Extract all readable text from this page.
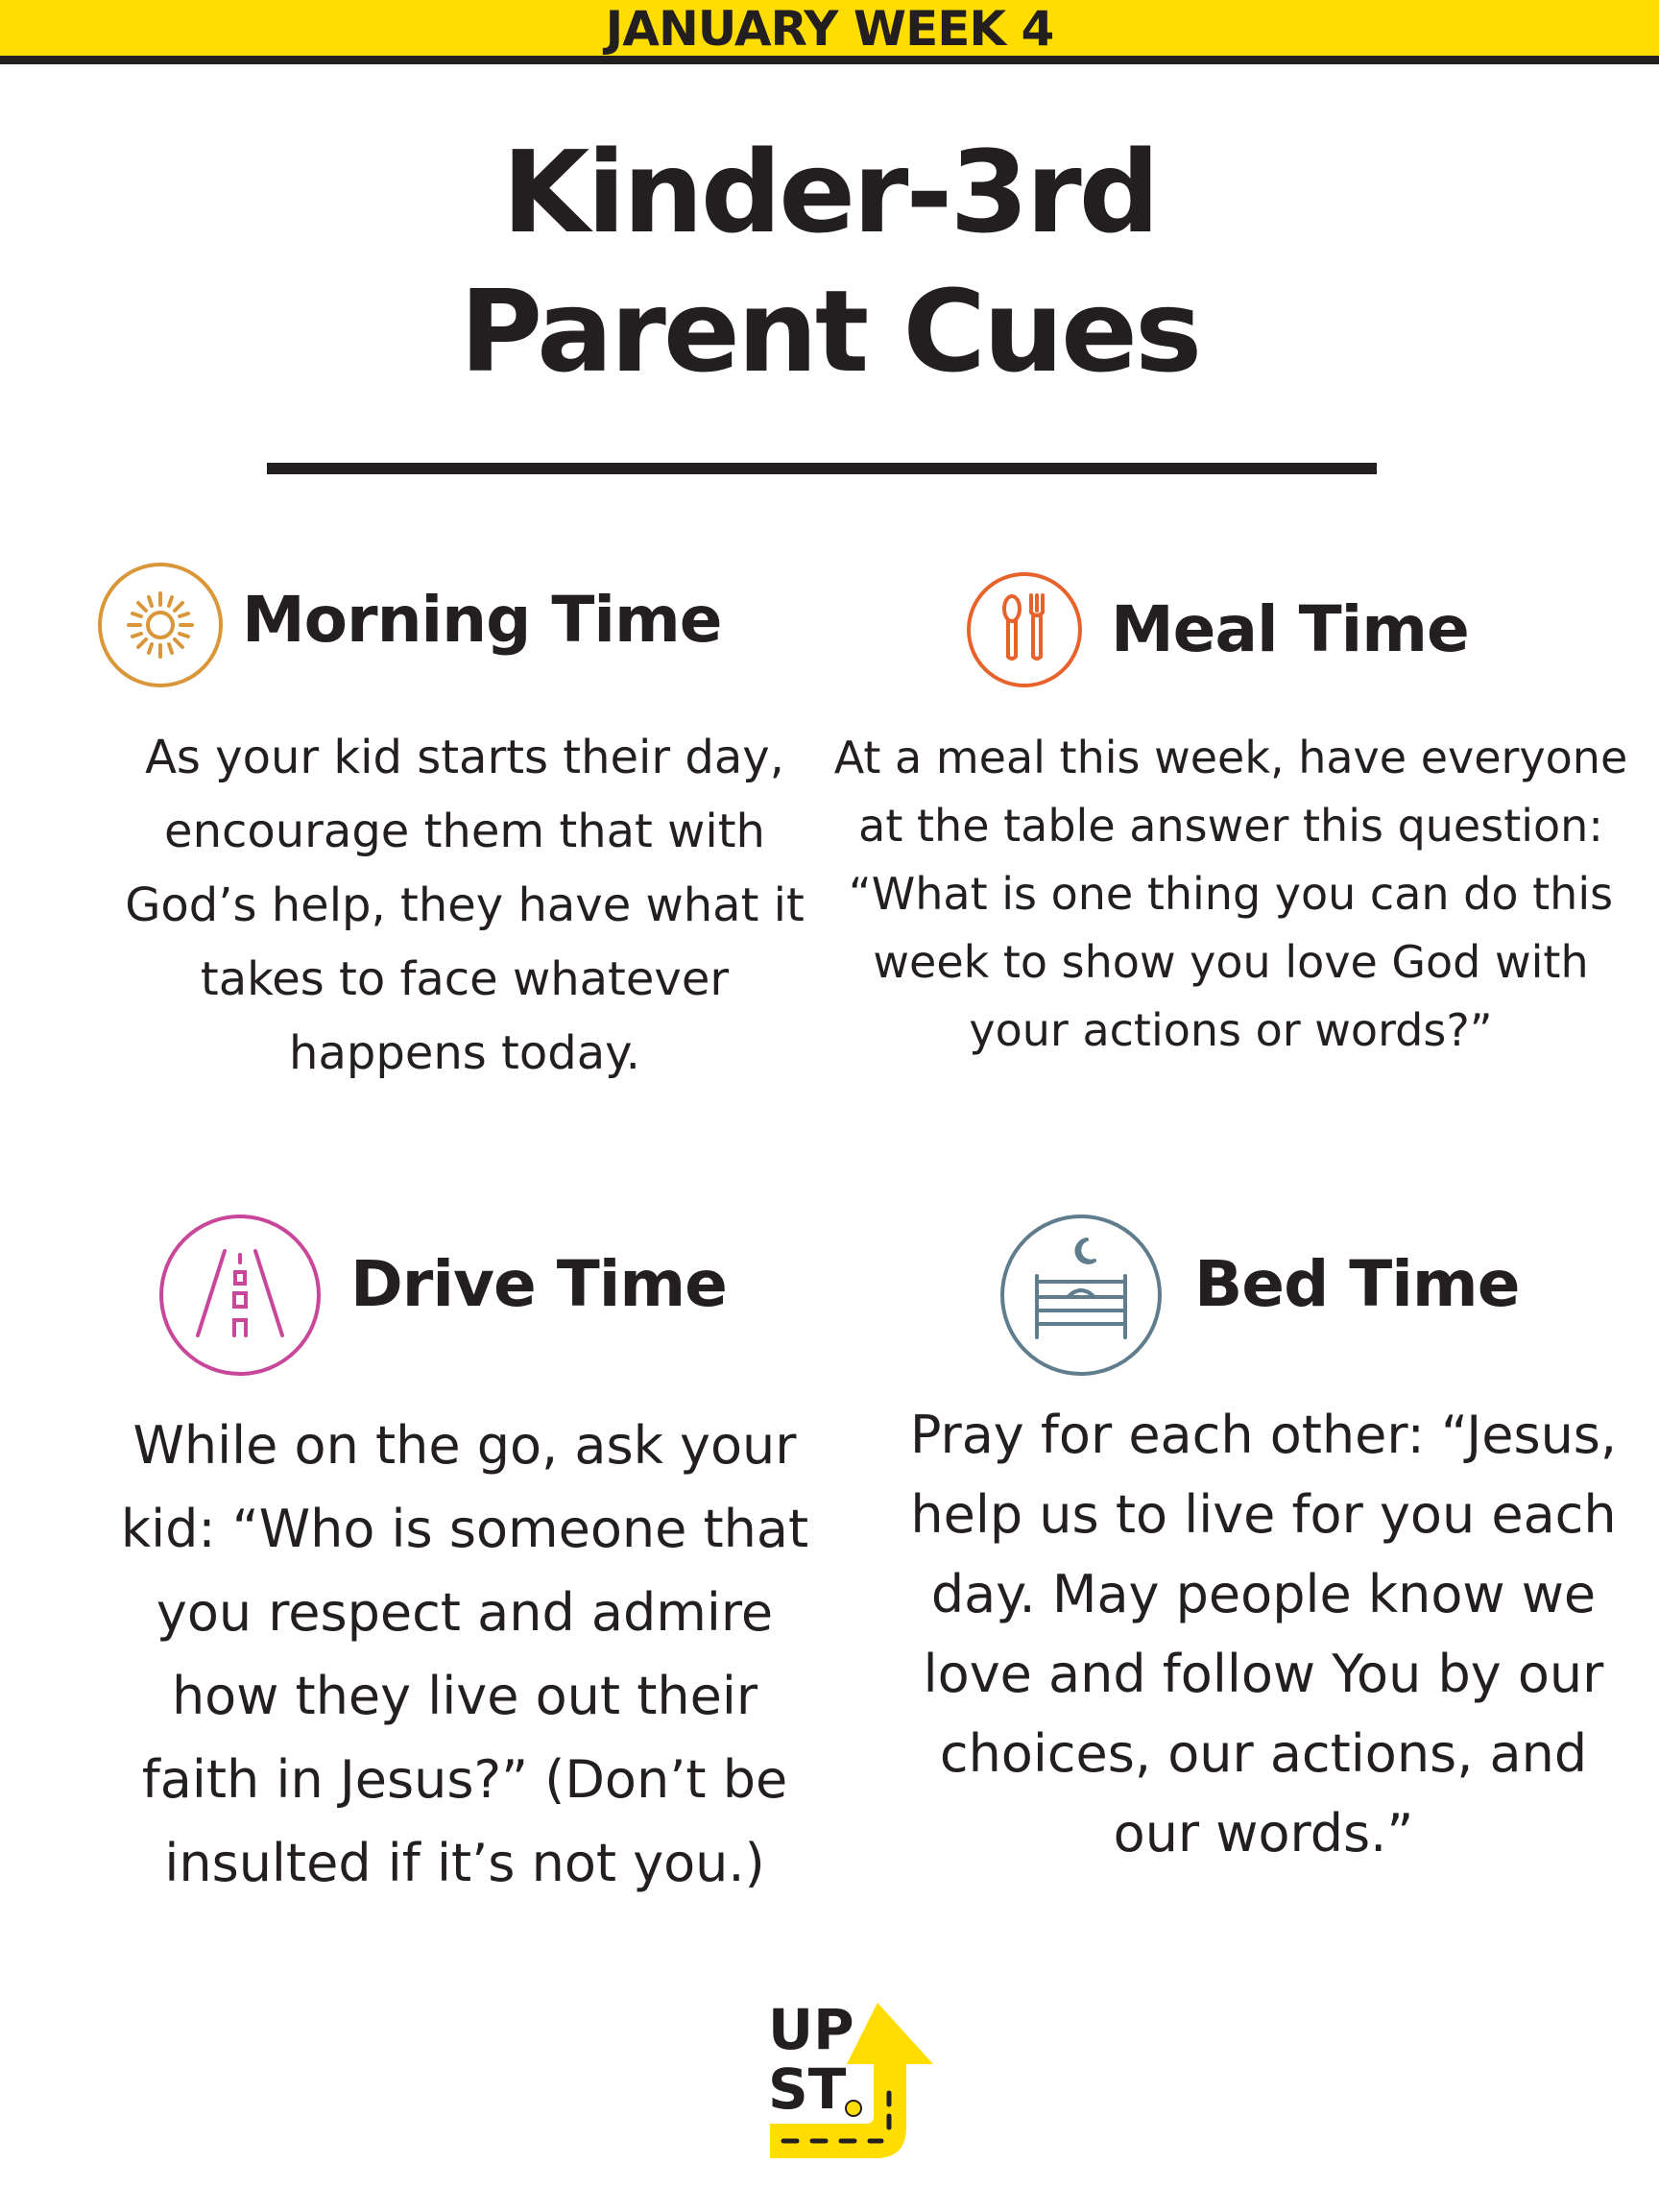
JANUARY WEEK 4
Kinder-3rd
Parent Cues
Morning Time
As your kid starts their day,
encourage them that with
God’s help, they have what it
takes to face whatever
happens today.
Meal Time
At a meal this week, have everyone
at the table answer this question:
“What is one thing you can do this
week to show you love God with
your actions or words?”
Drive Time
While on the go, ask your
kid: “Who is someone that
you respect and admire
how they live out their
faith in Jesus?” (Don’t be
insulted if it’s not you.)
Bed Time
Pray for each other: “Jesus,
help us to live for you each
day. May people know we
love and follow You by our
choices, our actions, and
our words.”
UP
ST
